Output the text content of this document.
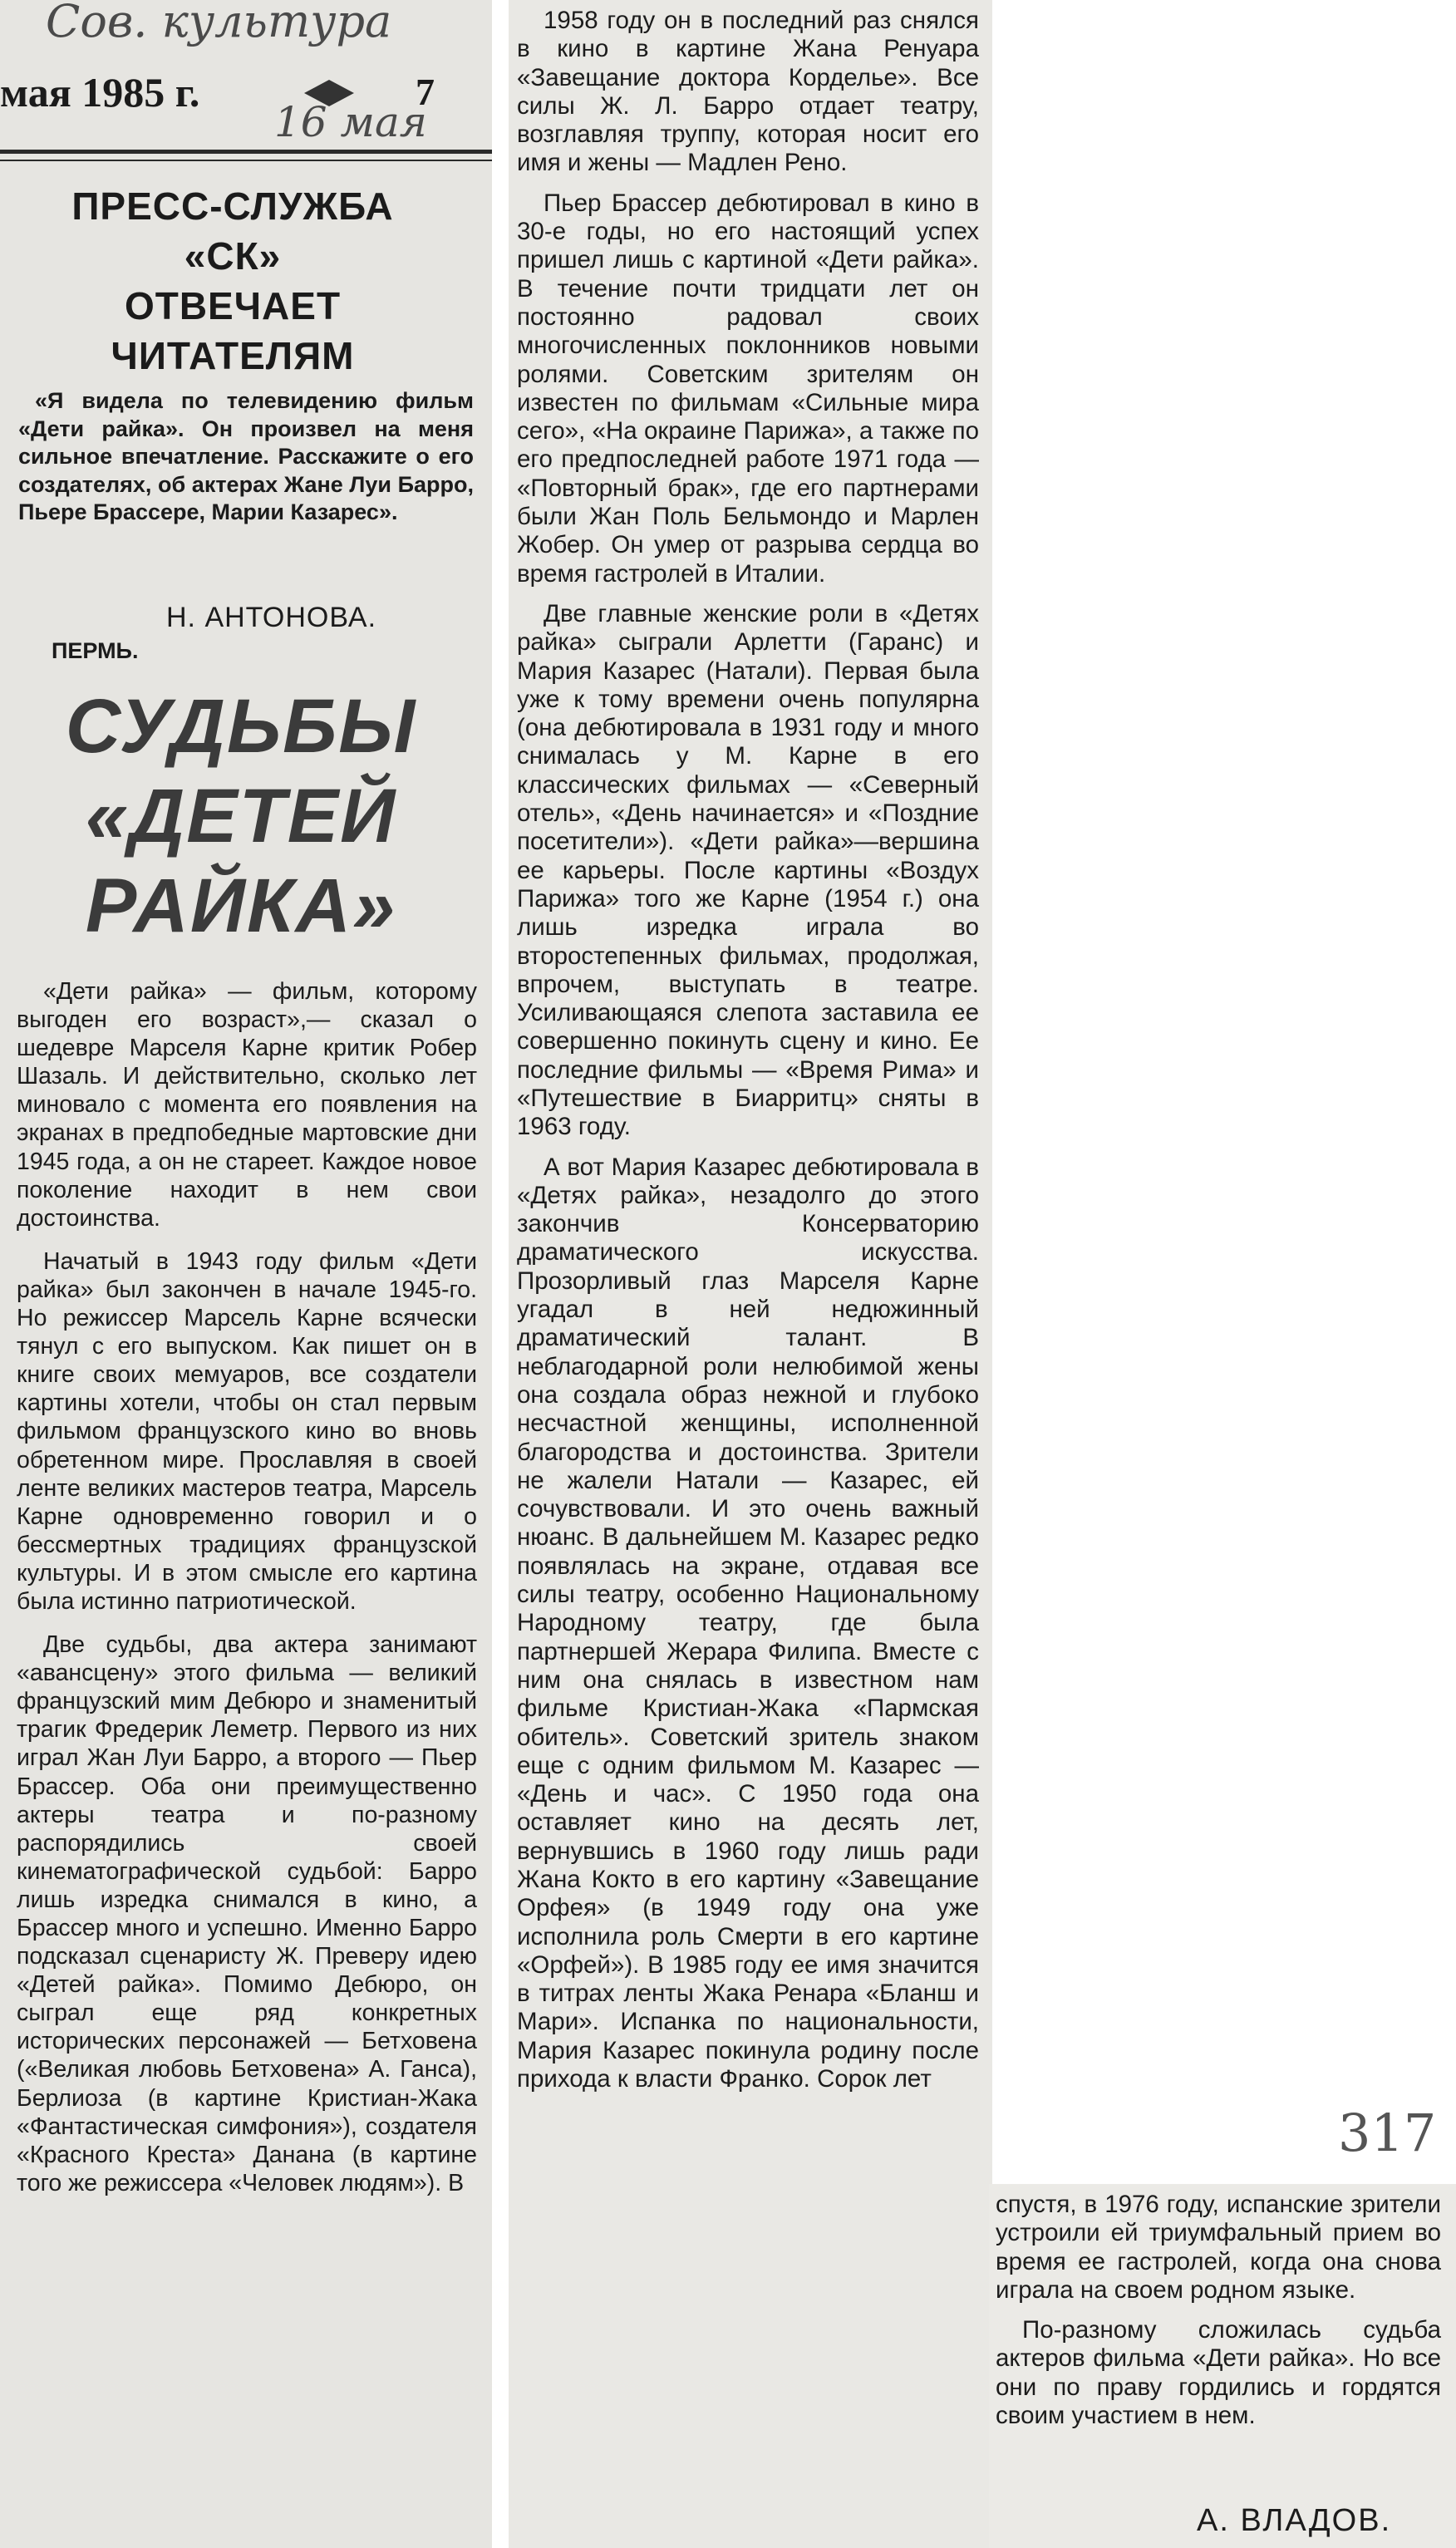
Сов. культура
мая 1985 г.	7
16 мая
ПРЕСС-СЛУЖБА
«СК»
ОТВЕЧАЕТ
ЧИТАТЕЛЯМ
«Я видела по телевидению фильм «Дети райка». Он произвел на меня сильное впечатление. Расскажите о его создателях, об актерах Жане Луи Барро, Пьере Брассере, Марии Казарес».
Н. АНТОНОВА.
ПЕРМЬ.
СУДЬБЫ
«ДЕТЕЙ
РАЙКА»

«Дети райка» — фильм, которому выгоден его возраст»,— сказал о шедевре Марселя Карне критик Робер Шазаль. И действительно, сколько лет миновало с момента его появления на экранах в предпобедные мартовские дни 1945 года, а он не стареет. Каждое новое поколение находит в нем свои достоинства.

Начатый в 1943 году фильм «Дети райка» был закончен в начале 1945-го. Но режиссер Марсель Карне всячески тянул с его выпуском. Как пишет он в книге своих мемуаров, все создатели картины хотели, чтобы он стал первым фильмом французского кино во вновь обретенном мире. Прославляя в своей ленте великих мастеров театра, Марсель Карне одновременно говорил и о бессмертных традициях французской культуры. И в этом смысле его картина была истинно патриотической.

Две судьбы, два актера занимают «авансцену» этого фильма — великий французский мим Дебюро и знаменитый трагик Фредерик Леметр. Первого из них играл Жан Луи Барро, а второго — Пьер Брассер. Оба они преимущественно актеры театра и по-разному распорядились своей кинематографической судьбой: Барро лишь изредка снимался в кино, а Брассер много и успешно. Именно Барро подсказал сценаристу Ж. Преверу идею «Детей райка». Помимо Дебюро, он сыграл еще ряд конкретных исторических персонажей — Бетховена («Великая любовь Бетховена» А. Ганса), Берлиоза (в картине Кристиан-Жака «Фантастическая симфония»), создателя «Красного Креста» Данана (в картине того же режиссера «Человек людям»). В

1958 году он в последний раз снялся в кино в картине Жана Ренуара «Завещание доктора Корделье». Все силы Ж. Л. Барро отдает театру, возглавляя труппу, которая носит его имя и жены — Мадлен Рено.

Пьер Брассер дебютировал в кино в 30-е годы, но его настоящий успех пришел лишь с картиной «Дети райка». В течение почти тридцати лет он постоянно радовал своих многочисленных поклонников новыми ролями. Советским зрителям он известен по фильмам «Сильные мира сего», «На окраине Парижа», а также по его предпоследней работе 1971 года — «Повторный брак», где его партнерами были Жан Поль Бельмондо и Марлен Жобер. Он умер от разрыва сердца во время гастролей в Италии.

Две главные женские роли в «Детях райка» сыграли Арлетти (Гаранс) и Мария Казарес (Натали). Первая была уже к тому времени очень популярна (она дебютировала в 1931 году и много снималась у М. Карне в его классических фильмах — «Северный отель», «День начинается» и «Поздние посетители»). «Дети райка»—вершина ее карьеры. После картины «Воздух Парижа» того же Карне (1954 г.) она лишь изредка играла во второстепенных фильмах, продолжая, впрочем, выступать в театре. Усиливающаяся слепота заставила ее совершенно покинуть сцену и кино. Ее последние фильмы — «Время Рима» и «Путешествие в Биарритц» сняты в 1963 году.

А вот Мария Казарес дебютировала в «Детях райка», незадолго до этого закончив Консерваторию драматического искусства. Прозорливый глаз Марселя Карне угадал в ней недюжинный драматический талант. В неблагодарной роли нелюбимой жены она создала образ нежной и глубоко несчастной женщины, исполненной благородства и достоинства. Зрители не жалели Натали — Казарес, ей сочувствовали. И это очень важный нюанс. В дальнейшем М. Казарес редко появлялась на экране, отдавая все силы театру, особенно Национальному Народному театру, где была партнершей Жерара Филипа. Вместе с ним она снялась в известном нам фильме Кристиан-Жака «Пармская обитель». Советский зритель знаком еще с одним фильмом М. Казарес — «День и час». С 1950 года она оставляет кино на десять лет, вернувшись в 1960 году лишь ради Жана Кокто в его картину «Завещание Орфея» (в 1949 году она уже исполнила роль Смерти в его картине «Орфей»). В 1985 году ее имя значится в титрах ленты Жака Ренара «Бланш и Мари». Испанка по национальности, Мария Казарес покинула родину после прихода к власти Франко. Сорок лет

спустя, в 1976 году, испанские зрители устроили ей триумфальный прием во время ее гастролей, когда она снова играла на своем родном языке.

По-разному сложилась судьба актеров фильма «Дети райка». Но все они по праву гордились и гордятся своим участием в нем.

А. ВЛАДОВ.
317
